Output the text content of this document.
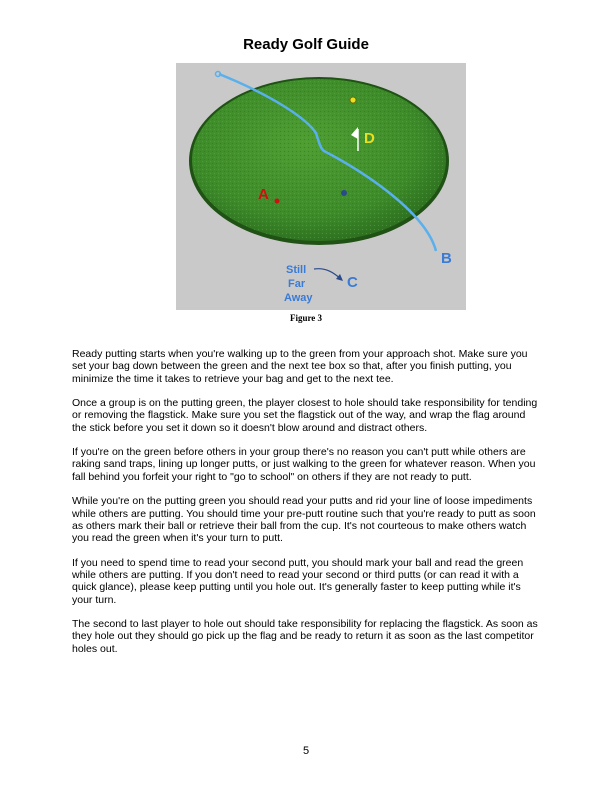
Ready Golf Guide
D
A
B
Still
Far
Away
C
Figure 3

Ready putting starts when you're walking up to the green from your approach shot. Make sure you set your bag down between the green and the next tee box so that, after you finish putting, you minimize the time it takes to retrieve your bag and get to the next tee.

Once a group is on the putting green, the player closest to hole should take responsibility for tending or removing the flagstick. Make sure you set the flagstick out of the way, and wrap the flag around the stick before you set it down so it doesn't blow around and distract others.

If you're on the green before others in your group there's no reason you can't putt while others are raking sand traps, lining up longer putts, or just walking to the green for whatever reason. When you fall behind you forfeit your right to "go to school" on others if they are not ready to putt.

While you're on the putting green you should read your putts and rid your line of loose impediments while others are putting. You should time your pre-putt routine such that you're ready to putt as soon as others mark their ball or retrieve their ball from the cup. It's not courteous to make others watch you read the green when it's your turn to putt.

If you need to spend time to read your second putt, you should mark your ball and read the green while others are putting. If you don't need to read your second or third putts (or can read it with a quick glance), please keep putting until you hole out. It's generally faster to keep putting while it's your turn.

The second to last player to hole out should take responsibility for replacing the flagstick. As soon as they hole out they should go pick up the flag and be ready to return it as soon as the last competitor holes out.

5
